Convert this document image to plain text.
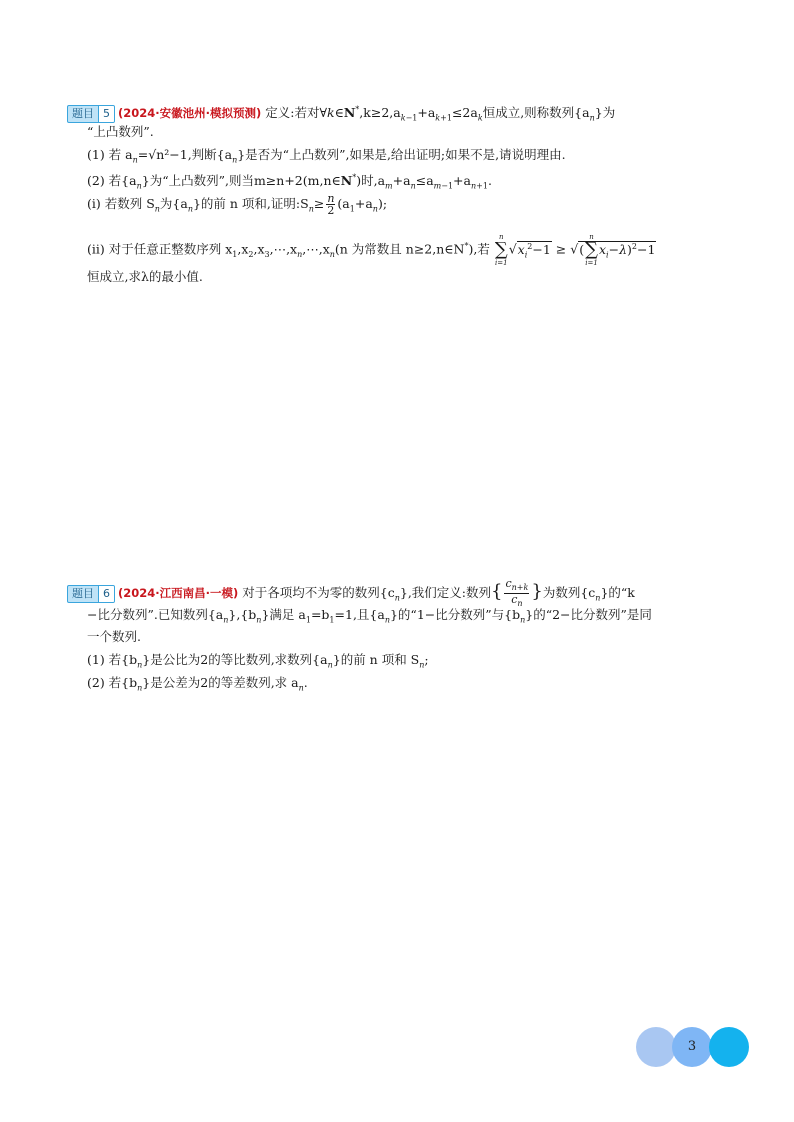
题目 5 (2024·安徽池州·模拟预测) 定义:若对$\forall k\in N^*,k\ge 2,a_{k-1}+a_{k+1}\le 2a_k$恒成立,则称数列$\{a_n\}$为
“上凸数列”.
(1) 若 $a_n=√n^2-1$,判断$\{a_n\}$是否为“上凸数列”,如果是,给出证明;如果不是,请说明理由.
(2) 若$\{a_n\}$为“上凸数列”,则当m≥n+2(m,n∈N*)时$,a_m+a_n\le a_{m-1}+a_{n+1}$.
(ⅰ) 若数列 $S_n$为$\{a_n\}$的前 n 项和,证明$:S_n\ge \frac{n}{2} (a_1+a_n)$;
(ⅱ) 对于任意正整数序列 $x_1,x_2,x_3,\cdots,x_n,\cdots,x_n(n$ 为常数且 n≥2,n∈N*),若
n
∑
i=1
$√x_i^2-1$ ≥ √(
n
∑
i=1
$x_i-\lambda)^2-1$
恒成立,求λ的最小值.
题目 6 (2024·江西南昌·一模) 对于各项均不为零的数列$\{c_n\}$,我们定义:数列{ $\frac{c_{n+k}}{c_n}$ }为数列$\{c_n\}$的“k
−比分数列”.已知数列$\{a_n\},\{b_n\}$满足 $a_1=b_1=1$,且$\{a_n\}$的“1−比分数列”与$\{b_n\}$的“2−比分数列”是同
一个数列.
(1) 若$\{b_n\}$是公比为2的等比数列,求数列$\{a_n\}$的前 n 项和 $S_n$;
(2) 若$\{b_n\}$是公差为2的等差数列,求 $a_n$.
3
